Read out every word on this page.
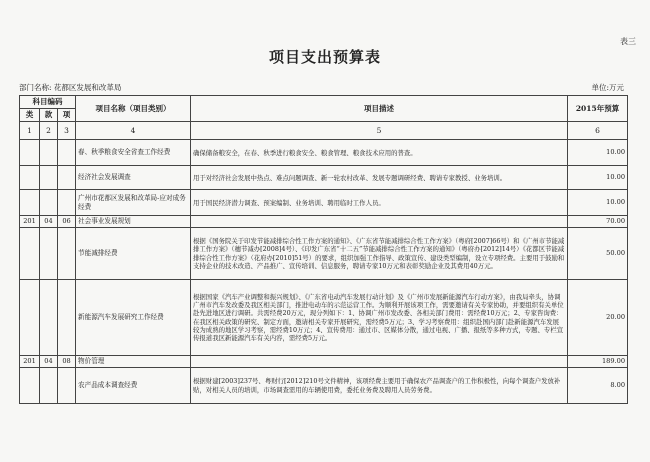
表三
项目支出预算表
部门名称: 花都区发展和改革局	单位:万元
科目编码			项目名称（项目类别）	项目描述	2015年预算
类	款	项			
1	2	3	4	5	6
			春、秋季粮食安全省查工作经费	确保储备粮安全，在春、秋季进行粮食安全、粮食管理、粮食技术应用的普查。	10.00
			经济社会发展调查	用于对经济社会发展中热点、难点问题调查、新一轮农村改革、发展专题调研经费、聘请专家教授、业务培训。	10.00
			广州市花都区发展和改革局-应对成务经费	用于国民经济潜力调查、预案编制、业务培训、聘用临时工作人员。	10.00
201	04	06	社会事业发展规划		70.00
			节能减排经费	根据《国务院关于印发节能减排综合性工作方案的通知》、《广东省节能减排综合性工作方案》（粤府[2007]66号）和《广州市节能减排工作方案》（穗节减办[2008]4号）、《印发广东省“十二五”节能减排综合性工作方案的通知》（粤府办[2012]14号）《花都区节能减排综合性工作方案》（花府办[2010]51号）的要求，组织加强工作指导、政策宣传、建设类型编制，设立专项经费。主要用于鼓励和支持企业的技术改造、产品推广、宣传培训、信息服务，聘请专家10万元和表彰奖励企业及其费用40万元。	50.00
			新能源汽车发展研究工作经费	根据国家《汽车产业调整和振兴规划》、《广东省电动汽车发展行动计划》及《广州市发展新能源汽车行动方案》，由我局牵头，协调广州市汽车发改委及我区相关部门，推进电动车的示范运营工作。为顺利开展该项工作，需要邀请有关专家协助，并要组织有关单位赴先进地区进行调研。共需经费20万元，现分列如下：1、协调广州市发改委、各相关部门费用：需经费10万元；2、专家咨询费：在我区相关政策的研究、制定方面，邀请相关专家开展研究，需经费5万元；3、学习考察费用：组织赴国内部门赴新能源汽车发展较为成熟的地区学习考察，需经费10万元；4、宣传费用：通过市、区媒体分散，通过电视、广播、报纸等多种方式，专题、专栏宣传报道我区新能源汽车有关内容，需经费5万元。	20.00
201	04	08	物价管理		189.00
			农产品成本调查经费	根据财建[2003]237号、粤财行[2012]210号文件精神，该项经费主要用于确保农产品调查户的工作积极性，向每个调查户发放补贴，对相关人员的培训，市场调查需用的车辆使用费，委托业务费及聘用人员劳务费。	8.00
